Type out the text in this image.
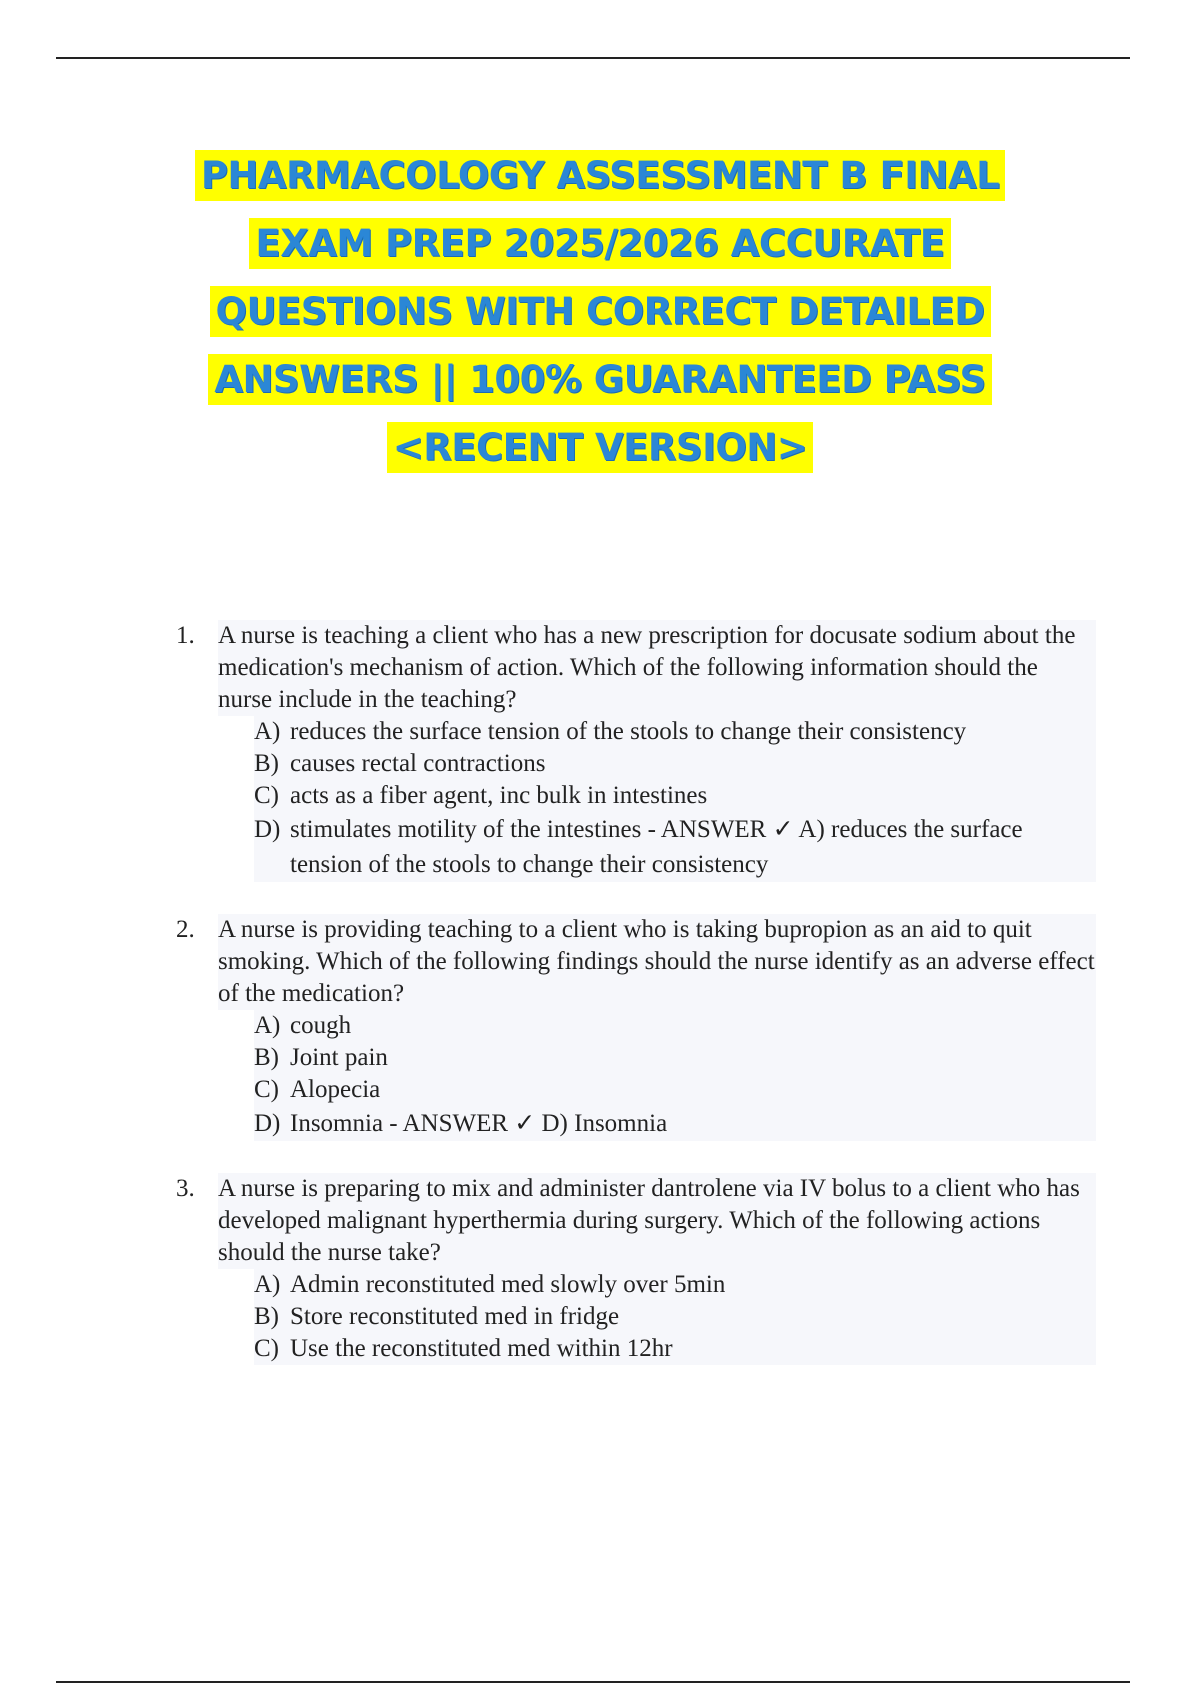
PHARMACOLOGY ASSESSMENT B FINAL
EXAM PREP 2025/2026 ACCURATE
QUESTIONS WITH CORRECT DETAILED
ANSWERS || 100% GUARANTEED PASS
<RECENT VERSION>
1. A nurse is teaching a client who has a new prescription for docusate sodium about the medication's mechanism of action. Which of the following information should the nurse include in the teaching?
A) reduces the surface tension of the stools to change their consistency
B) causes rectal contractions
C) acts as a fiber agent, inc bulk in intestines
D) stimulates motility of the intestines - ANSWER ✓ A) reduces the surface tension of the stools to change their consistency
2. A nurse is providing teaching to a client who is taking bupropion as an aid to quit smoking. Which of the following findings should the nurse identify as an adverse effect of the medication?
A) cough
B) Joint pain
C) Alopecia
D) Insomnia - ANSWER ✓ D) Insomnia
3. A nurse is preparing to mix and administer dantrolene via IV bolus to a client who has developed malignant hyperthermia during surgery. Which of the following actions should the nurse take?
A) Admin reconstituted med slowly over 5min
B) Store reconstituted med in fridge
C) Use the reconstituted med within 12hr
